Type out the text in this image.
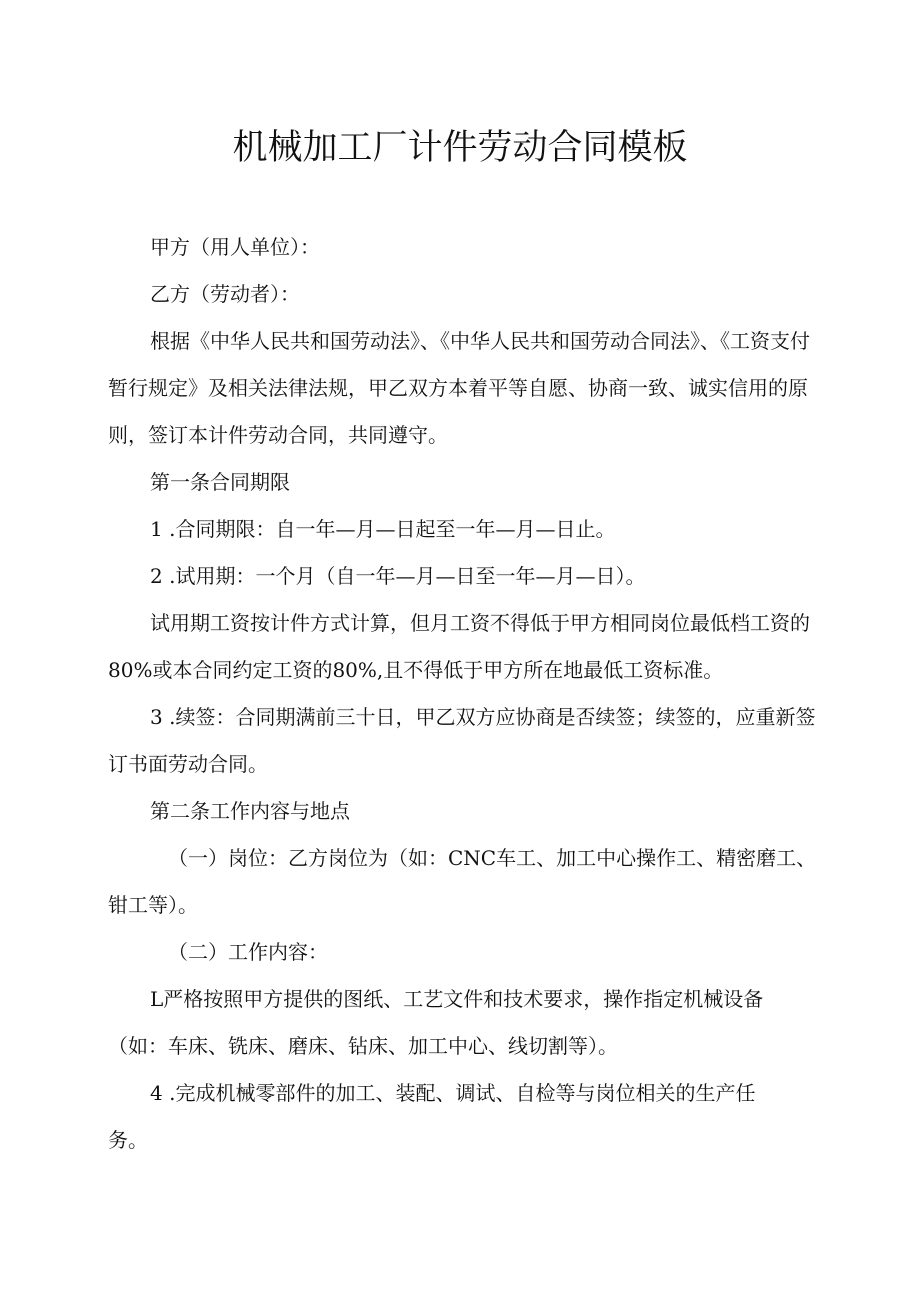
机械加工厂计件劳动合同模板

甲方（用人单位）：

乙方（劳动者）：

根据《中华人民共和国劳动法》、《中华人民共和国劳动合同法》、《工资支付暂行规定》及相关法律法规，甲乙双方本着平等自愿、协商一致、诚实信用的原则，签订本计件劳动合同，共同遵守。

第一条合同期限

1 .合同期限：自一年—月—日起至一年—月—日止。

2 .试用期：一个月（自一年—月—日至一年—月—日）。

试用期工资按计件方式计算，但月工资不得低于甲方相同岗位最低档工资的80%或本合同约定工资的80%,且不得低于甲方所在地最低工资标准。

3 .续签：合同期满前三十日，甲乙双方应协商是否续签；续签的，应重新签订书面劳动合同。

第二条工作内容与地点

（一）岗位：乙方岗位为（如：CNC车工、加工中心操作工、精密磨工、钳工等）。

（二）工作内容：

L严格按照甲方提供的图纸、工艺文件和技术要求，操作指定机械设备（如：车床、铣床、磨床、钻床、加工中心、线切割等）。

4 .完成机械零部件的加工、装配、调试、自检等与岗位相关的生产任

务。
